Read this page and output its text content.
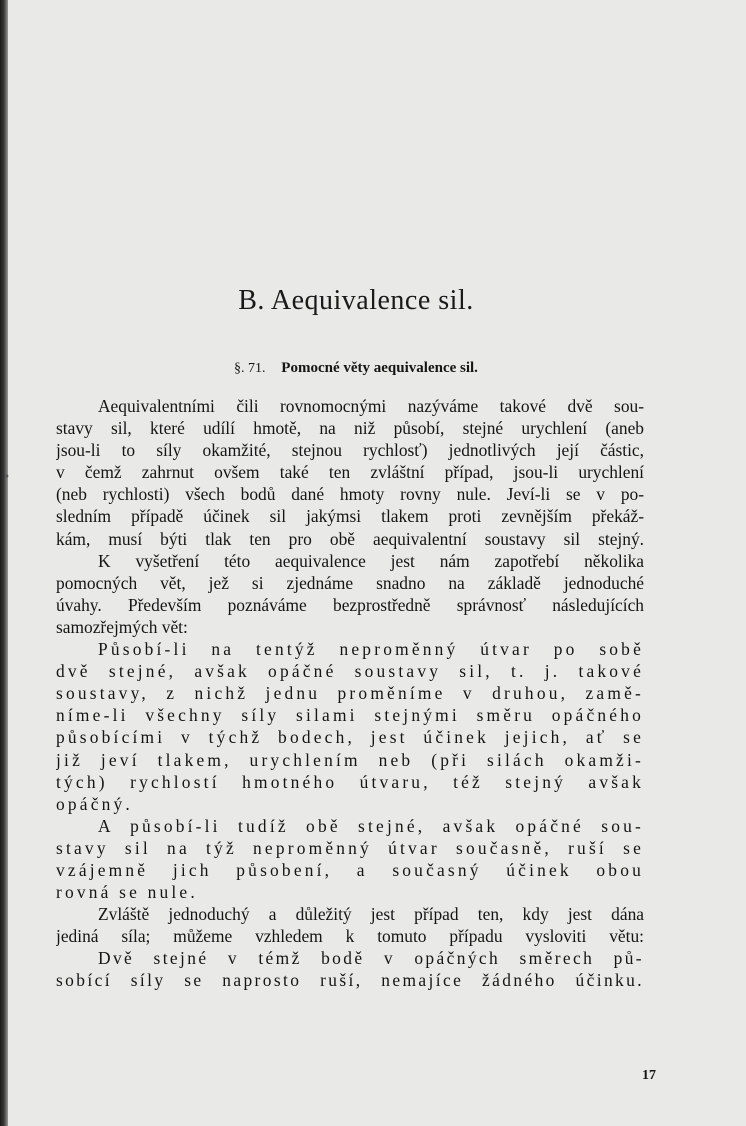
•
B. Aequivalence sil.
§. 71. Pomocné věty aequivalence sil.
Aequivalentními čili rovnomocnými nazýváme takové dvě sou-
stavy sil, které udílí hmotě, na niž působí, stejné urychlení (aneb
jsou-li to síly okamžité, stejnou rychlosť) jednotlivých její částic,
v čemž zahrnut ovšem také ten zvláštní případ, jsou-li urychlení
(neb rychlosti) všech bodů dané hmoty rovny nule. Jeví-li se v po-
sledním případě účinek sil jakýmsi tlakem proti zevnějším překáž-
kám, musí býti tlak ten pro obě aequivalentní soustavy sil stejný.
K vyšetření této aequivalence jest nám zapotřebí několika
pomocných vět, jež si zjednáme snadno na základě jednoduché
úvahy. Především poznáváme bezprostředně správnosť následujících
samozřejmých vět:
Působí-li na tentýž neproměnný útvar po sobě
dvě stejné, avšak opáčné soustavy sil, t. j. takové
soustavy, z nichž jednu proměníme v druhou, zamě-
níme-li všechny síly silami stejnými směru opáčného
působícími v týchž bodech, jest účinek jejich, ať se
již jeví tlakem, urychlením neb (při silách okamži-
tých) rychlostí hmotného útvaru, též stejný avšak
opáčný.
A působí-li tudíž obě stejné, avšak opáčné sou-
stavy sil na týž neproměnný útvar současně, ruší se
vzájemně jich působení, a současný účinek obou
rovná se nule.
Zvláště jednoduchý a důležitý jest případ ten, kdy jest dána
jediná síla; můžeme vzhledem k tomuto případu vysloviti větu:
Dvě stejné v témž bodě v opáčných směrech pů-
sobící síly se naprosto ruší, nemajíce žádného účinku.
17
